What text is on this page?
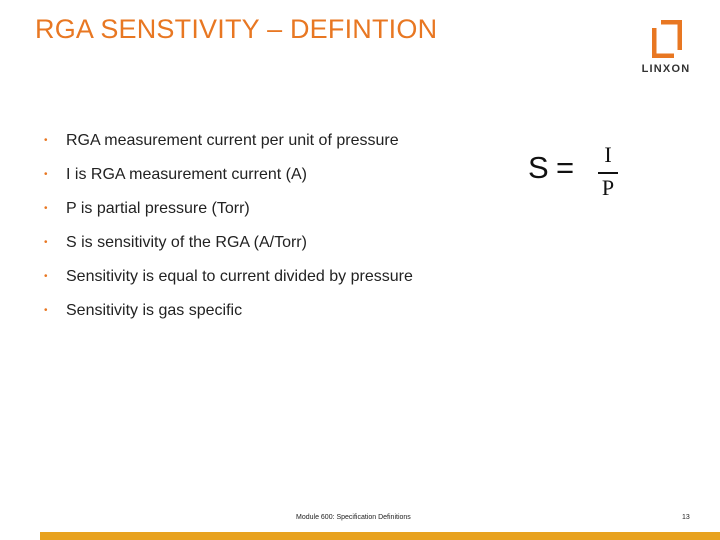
RGA SENSTIVITY – DEFINTION
LINXON
• RGA measurement current per unit of pressure
• I is RGA measurement current (A)
• P is partial pressure (Torr)
• S is sensitivity of the RGA (A/Torr)
• Sensitivity is equal to current divided by pressure
• Sensitivity is gas specific
S = I
P
Module 600: Specification Definitions	13
